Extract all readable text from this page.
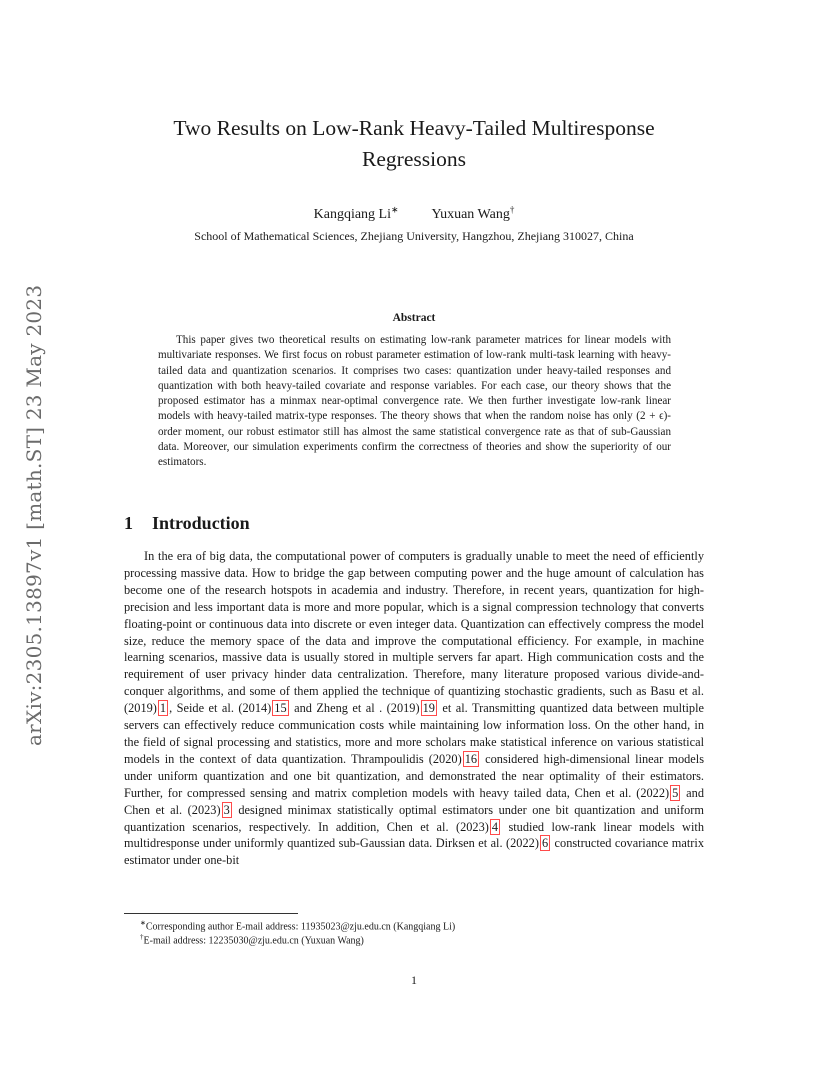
arXiv:2305.13897v1 [math.ST] 23 May 2023
Two Results on Low-Rank Heavy-Tailed Multiresponse Regressions
Kangqiang Li∗ Yuxuan Wang†
School of Mathematical Sciences, Zhejiang University, Hangzhou, Zhejiang 310027, China
Abstract
This paper gives two theoretical results on estimating low-rank parameter matrices for linear models with multivariate responses. We first focus on robust parameter estimation of low-rank multi-task learning with heavy-tailed data and quantization scenarios. It comprises two cases: quantization under heavy-tailed responses and quantization with both heavy-tailed covariate and response variables. For each case, our theory shows that the proposed estimator has a minmax near-optimal convergence rate. We then further investigate low-rank linear models with heavy-tailed matrix-type responses. The theory shows that when the random noise has only (2 + ϵ)-order moment, our robust estimator still has almost the same statistical convergence rate as that of sub-Gaussian data. Moreover, our simulation experiments confirm the correctness of theories and show the superiority of our estimators.
1 Introduction
In the era of big data, the computational power of computers is gradually unable to meet the need of efficiently processing massive data. How to bridge the gap between computing power and the huge amount of calculation has become one of the research hotspots in academia and industry. Therefore, in recent years, quantization for high-precision and less important data is more and more popular, which is a signal compression technology that converts floating-point or continuous data into discrete or even integer data. Quantization can effectively compress the model size, reduce the memory space of the data and improve the computational efficiency. For example, in machine learning scenarios, massive data is usually stored in multiple servers far apart. High communication costs and the requirement of user privacy hinder data centralization. Therefore, many literature proposed various divide-and-conquer algorithms, and some of them applied the technique of quantizing stochastic gradients, such as Basu et al. (2019) 1 , Seide et al. (2014) 15 and Zheng et al . (2019) 19 et al. Transmitting quantized data between multiple servers can effectively reduce communication costs while maintaining low information loss. On the other hand, in the field of signal processing and statistics, more and more scholars make statistical inference on various statistical models in the context of data quantization. Thrampoulidis (2020) 16 considered high-dimensional linear models under uniform quantization and one bit quantization, and demonstrated the near optimality of their estimators. Further, for compressed sensing and matrix completion models with heavy tailed data, Chen et al. (2022) 5 and Chen et al. (2023) 3 designed minimax statistically optimal estimators under one bit quantization and uniform quantization scenarios, respectively. In addition, Chen et al. (2023) 4 studied low-rank linear models with multidresponse under uniformly quantized sub-Gaussian data. Dirksen et al. (2022) 6 constructed covariance matrix estimator under one-bit
∗Corresponding author E-mail address: 11935023@zju.edu.cn (Kangqiang Li)
†E-mail address: 12235030@zju.edu.cn (Yuxuan Wang)
1
